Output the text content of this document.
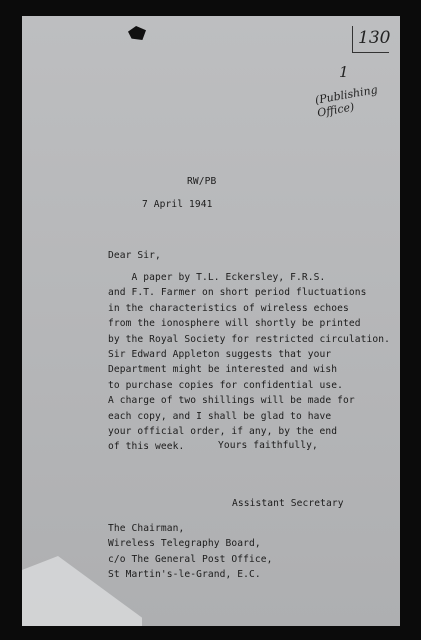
130
1
(Publishing Office)
RW/PB
7 April 1941
Dear Sir,
A paper by T.L. Eckersley, F.R.S.
and F.T. Farmer on short period fluctuations
in the characteristics of wireless echoes
from the ionosphere will shortly be printed
by the Royal Society for restricted circulation.
Sir Edward Appleton suggests that your
Department might be interested and wish
to purchase copies for confidential use.
A charge of two shillings will be made for
each copy, and I shall be glad to have
your official order, if any, by the end
of this week.	Yours faithfully,
Assistant Secretary
The Chairman,
Wireless Telegraphy Board,
c/o The General Post Office,
St Martin's-le-Grand, E.C.
